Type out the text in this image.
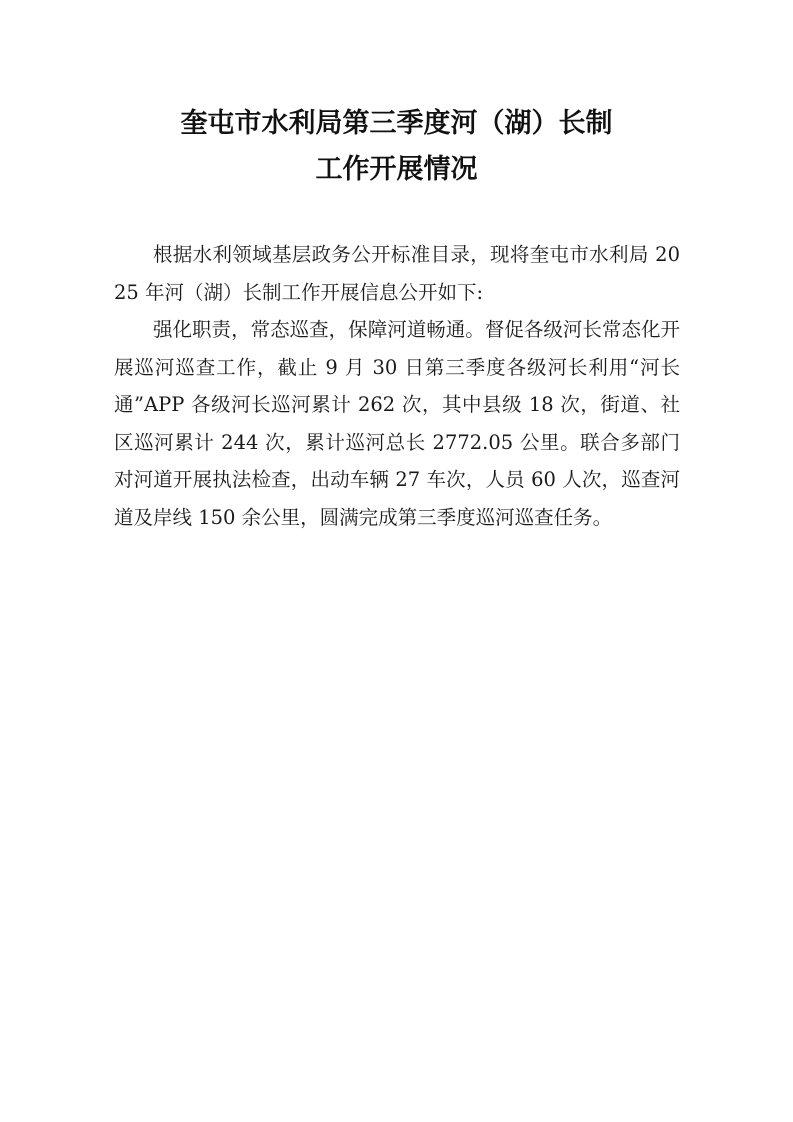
奎屯市水利局第三季度河（湖）长制
工作开展情况

根据水利领域基层政务公开标准目录，现将奎屯市水利局 2025 年河（湖）长制工作开展信息公开如下:

强化职责，常态巡查，保障河道畅通。督促各级河长常态化开展巡河巡查工作，截止 9 月 30 日第三季度各级河长利用“河长通”APP 各级河长巡河累计 262 次，其中县级 18 次，街道、社区巡河累计 244 次，累计巡河总长 2772.05 公里。联合多部门对河道开展执法检查，出动车辆 27 车次，人员 60 人次，巡查河道及岸线 150 余公里，圆满完成第三季度巡河巡查任务。
